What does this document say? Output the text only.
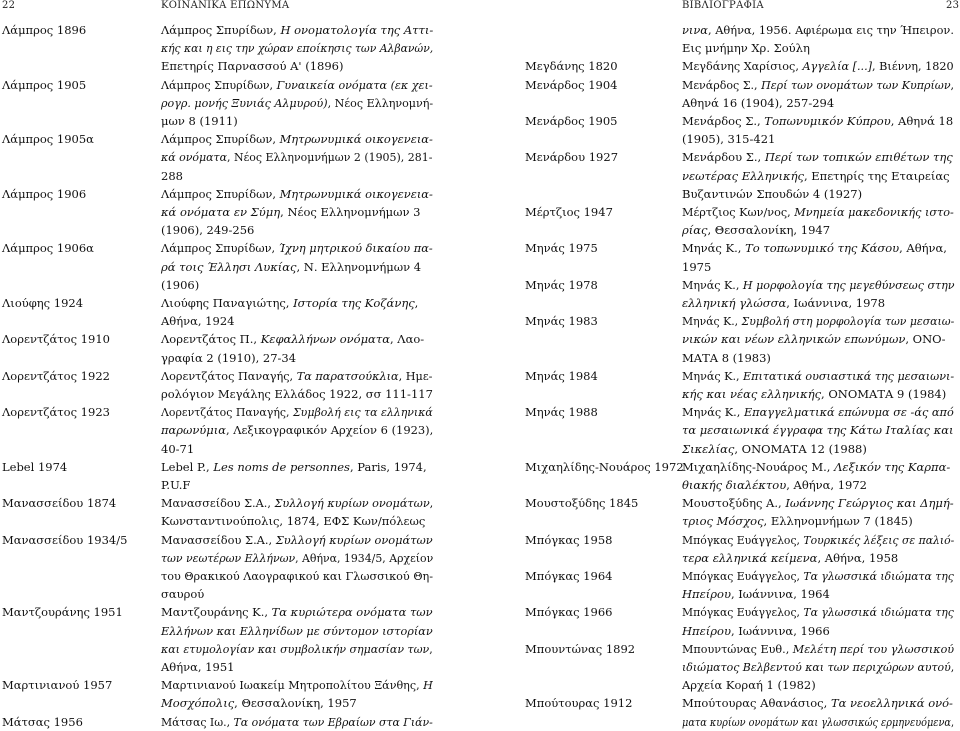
22	ΚΟΙΝΑΝΙΚΑ ΕΠΩΝΥΜΑ	ΒΙΒΛΙΟΓΡΑΦΙΑ	23
Λάμπρος 1896	Λάμπρος Σπυρίδων, Η ονοματολογία της Αττι-
κής και η εις την χώραν εποίκησις των Αλβανών,
Επετηρίς Παρνασσού Α' (1896)
Λάμπρος 1905	Λάμπρος Σπυρίδων, Γυναικεία ονόματα (εκ χει-
ρογρ. μονής Ξυνιάς Αλμυρού), Νέος Ελληνομνή-
μων 8 (1911)
Λάμπρος 1905α	Λάμπρος Σπυρίδων, Μητρωνυμικά οικογενεια-
κά ονόματα, Νέος Ελληνομνήμων 2 (1905), 281-
288
Λάμπρος 1906	Λάμπρος Σπυρίδων, Μητρωνυμικά οικογενεια-
κά ονόματα εν Σύμη, Νέος Ελληνομνήμων 3
(1906), 249-256
Λάμπρος 1906α	Λάμπρος Σπυρίδων, Ίχνη μητρικού δικαίου πα-
ρά τοις Έλλησι Λυκίας, Ν. Ελληνομνήμων 4
(1906)
Λιούφης 1924	Λιούφης Παναγιώτης, Ιστορία της Κοζάνης,
Αθήνα, 1924
Λορεντζάτος 1910	Λορεντζάτος Π., Κεφαλλήνων ονόματα, Λαο-
γραφία 2 (1910), 27-34
Λορεντζάτος 1922	Λορεντζάτος Παναγής, Τα παρατσούκλια, Ημε-
ρολόγιον Μεγάλης Ελλάδος 1922, σσ 111-117
Λορεντζάτος 1923	Λορεντζάτος Παναγής, Συμβολή εις τα ελληνικά
παρωνύμια, Λεξικογραφικόν Αρχείον 6 (1923),
40-71
Lebel 1974	Lebel P., Les noms de personnes, Paris, 1974,
P.U.F
Μανασσείδου 1874	Μανασσείδου Σ.Α., Συλλογή κυρίων ονομάτων,
Κωνσταντινούπολις, 1874, ΕΦΣ Κων/πόλεως
Μανασσείδου 1934/5	Μανασσείδου Σ.Α., Συλλογή κυρίων ονομάτων
των νεωτέρων Ελλήνων, Αθήνα, 1934/5, Αρχείον
του Θρακικού Λαογραφικού και Γλωσσικού Θη-
σαυρού
Μαντζουράνης 1951	Μαντζουράνης Κ., Τα κυριώτερα ονόματα των
Ελλήνων και Ελληνίδων με σύντομον ιστορίαν
και ετυμολογίαν και συμβολικήν σημασίαν των,
Αθήνα, 1951
Μαρτινιανού 1957	Μαρτινιανού Ιωακείμ Μητροπολίτου Ξάνθης, Η
Μοσχόπολις, Θεσσαλονίκη, 1957
Μάτσας 1956	Μάτσας Ιω., Τα ονόματα των Εβραίων στα Γιάν-
νινα, Αθήνα, 1956. Αφιέρωμα εις την Ήπειρον.
Εις μνήμην Χρ. Σούλη
Μεγδάνης 1820	Μεγδάνης Χαρίσιος, Αγγελία [...], Βιέννη, 1820
Μενάρδος 1904	Μενάρδος Σ., Περί των ονομάτων των Κυπρίων,
Αθηνά 16 (1904), 257-294
Μενάρδος 1905	Μενάρδος Σ., Τοπωνυμικόν Κύπρου, Αθηνά 18
(1905), 315-421
Μενάρδου 1927	Μενάρδου Σ., Περί των τοπικών επιθέτων της
νεωτέρας Ελληνικής, Επετηρίς της Εταιρείας
Βυζαντινών Σπουδών 4 (1927)
Μέρτζιος 1947	Μέρτζιος Κων/νος, Μνημεία μακεδονικής ιστο-
ρίας, Θεσσαλονίκη, 1947
Μηνάς 1975	Μηνάς Κ., Το τοπωνυμικό της Κάσου, Αθήνα,
1975
Μηνάς 1978	Μηνάς Κ., Η μορφολογία της μεγεθύνσεως στην
ελληνική γλώσσα, Ιωάννινα, 1978
Μηνάς 1983	Μηνάς Κ., Συμβολή στη μορφολογία των μεσαιω-
νικών και νέων ελληνικών επωνύμων, ΟΝΟ-
ΜΑΤΑ 8 (1983)
Μηνάς 1984	Μηνάς Κ., Επιτατικά ουσιαστικά της μεσαιωνι-
κής και νέας ελληνικής, ΟΝΟΜΑΤΑ 9 (1984)
Μηνάς 1988	Μηνάς Κ., Επαγγελματικά επώνυμα σε -άς από
τα μεσαιωνικά έγγραφα της Κάτω Ιταλίας και
Σικελίας, ΟΝΟΜΑΤΑ 12 (1988)
Μιχαηλίδης-Νουάρος 1972
Μιχαηλίδης-Νουάρος Μ., Λεξικόν της Καρπα-
θιακής διαλέκτου, Αθήνα, 1972
Μουστοξύδης 1845	Μουστοξύδης Α., Ιωάννης Γεώργιος και Δημή-
τριος Μόσχος, Ελληνομνήμων 7 (1845)
Μπόγκας 1958	Μπόγκας Ευάγγελος, Τουρκικές λέξεις σε παλιό-
τερα ελληνικά κείμενα, Αθήνα, 1958
Μπόγκας 1964	Μπόγκας Ευάγγελος, Τα γλωσσικά ιδιώματα της
Ηπείρου, Ιωάννινα, 1964
Μπόγκας 1966	Μπόγκας Ευάγγελος, Τα γλωσσικά ιδιώματα της
Ηπείρου, Ιωάννινα, 1966
Μπουντώνας 1892	Μπουντώνας Ευθ., Μελέτη περί του γλωσσικού
ιδιώματος Βελβεντού και των περιχώρων αυτού,
Αρχεία Κοραή 1 (1982)
Μπούτουρας 1912	Μπούτουρας Αθανάσιος, Τα νεοελληνικά ονό-
ματα κυρίων ονομάτων και γλωσσικώς ερμηνευόμενα,
